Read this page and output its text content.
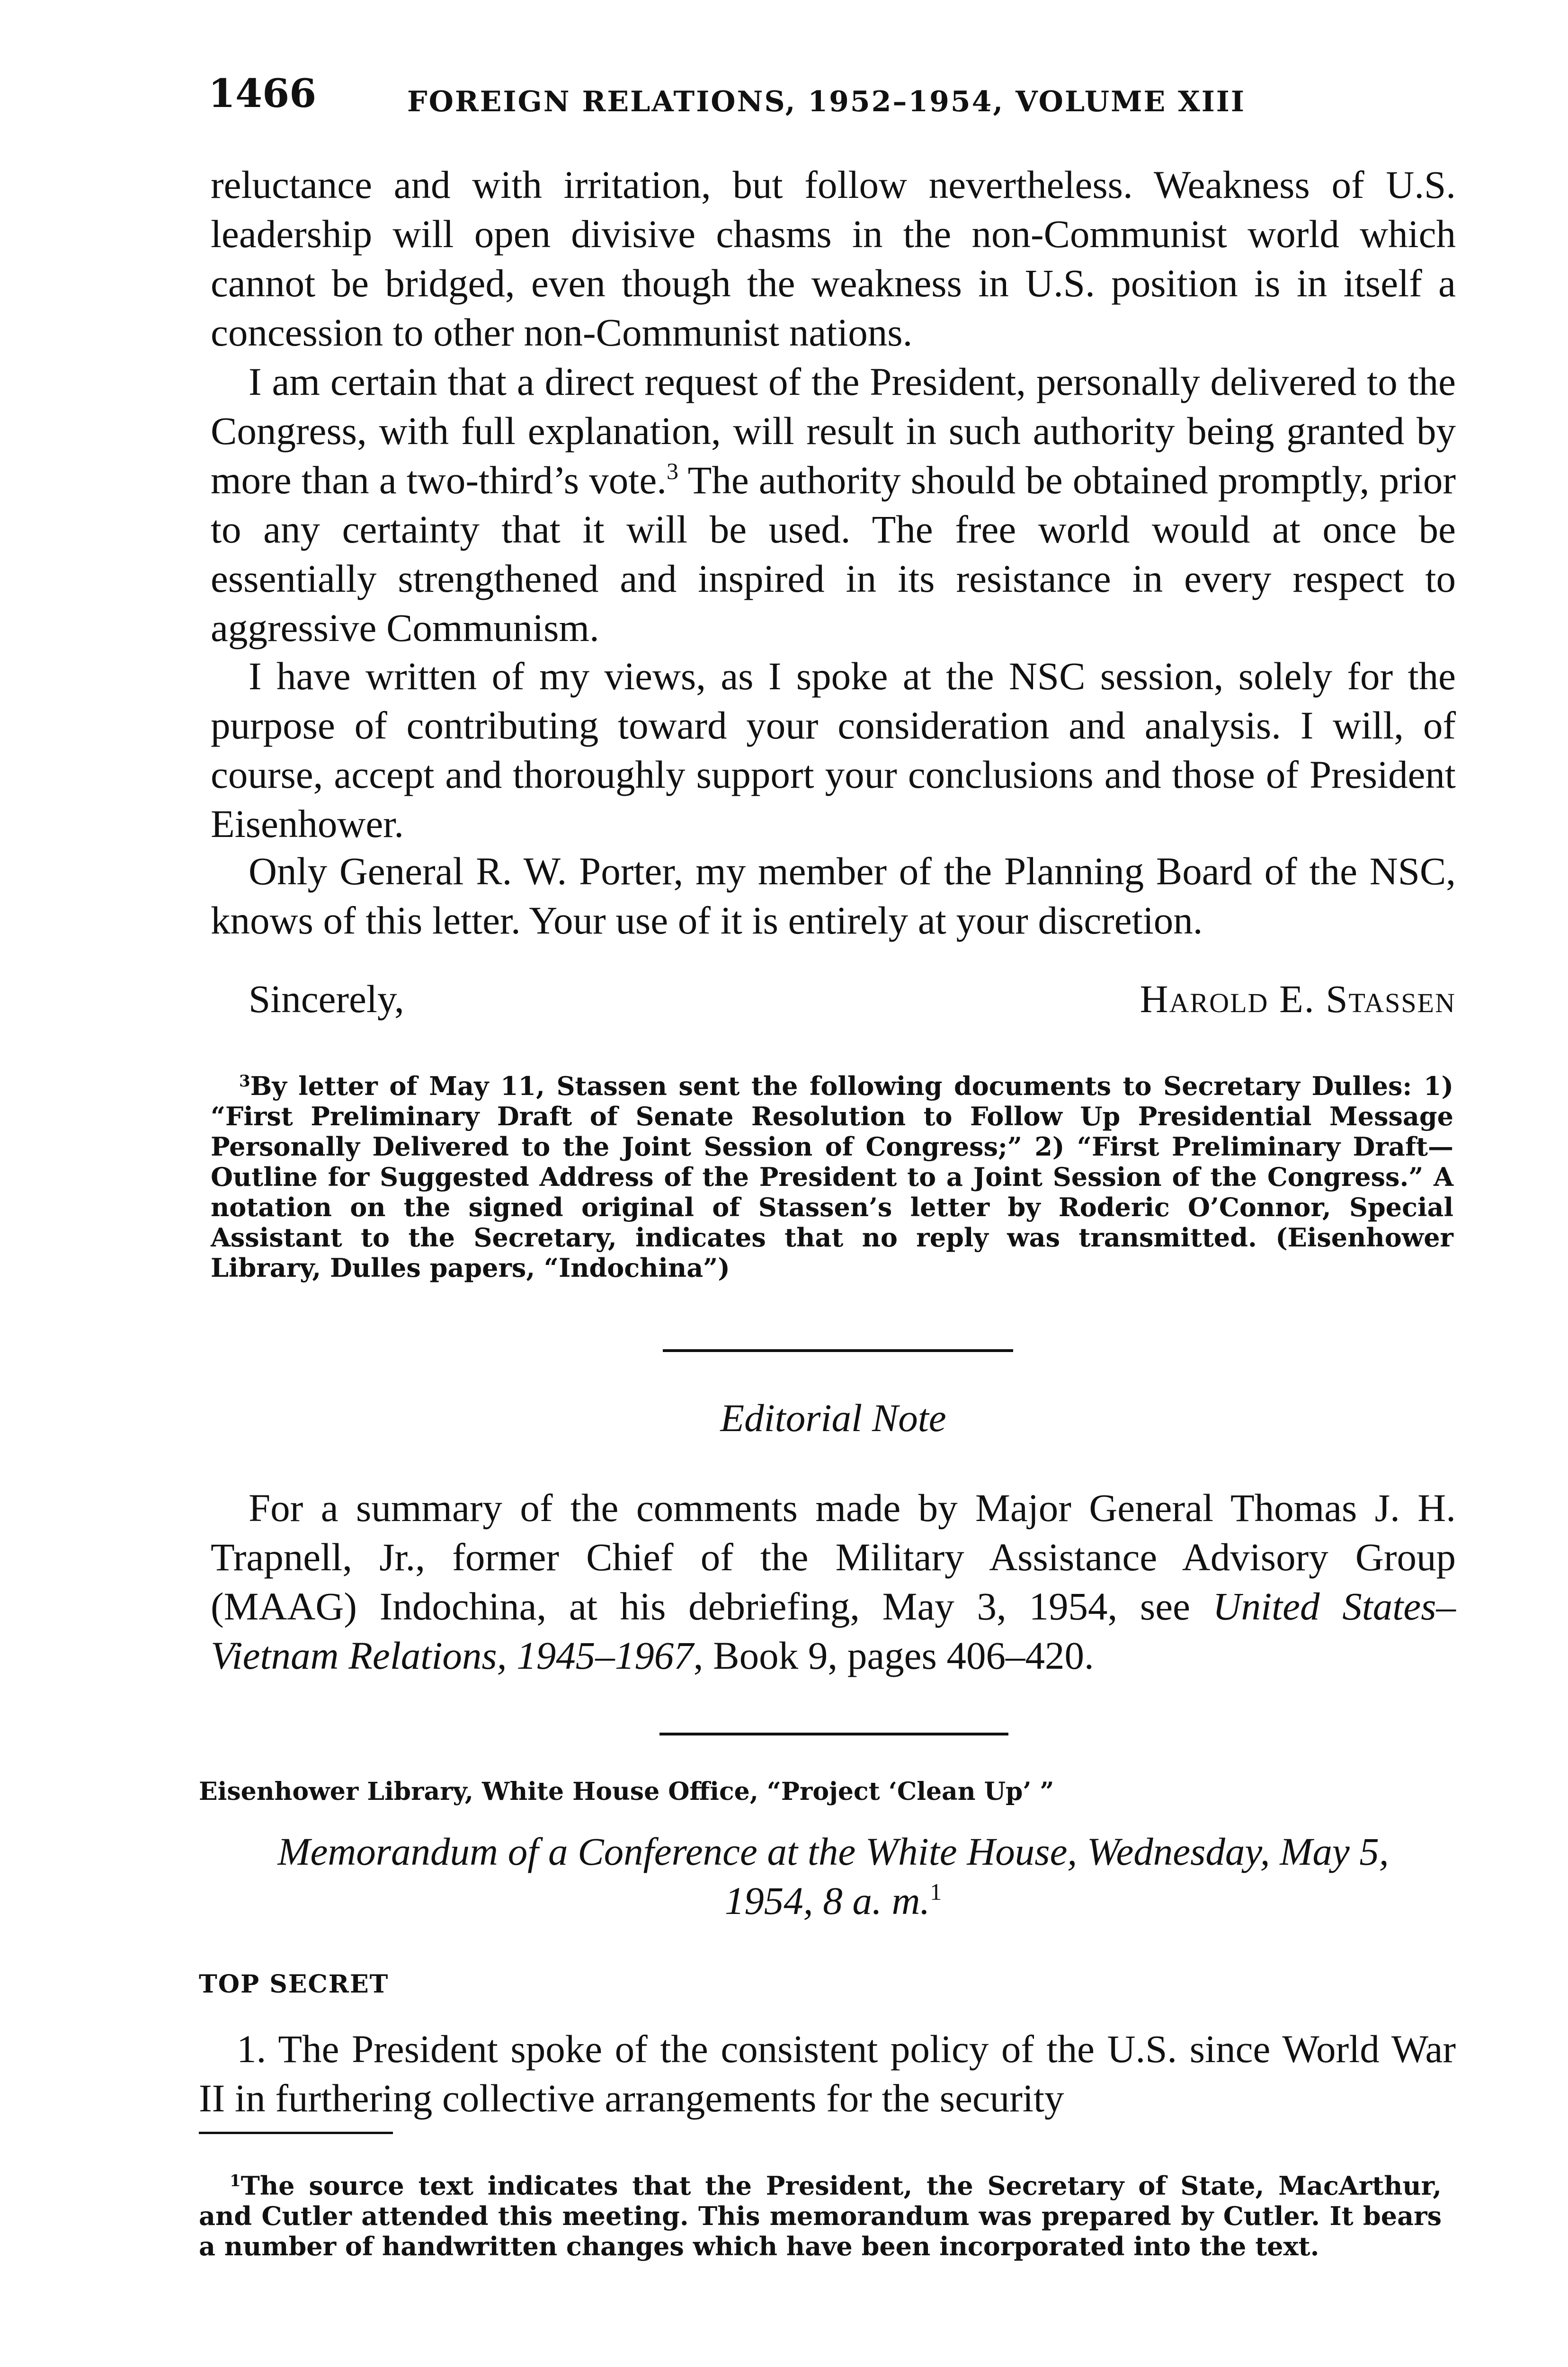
1466	FOREIGN RELATIONS, 1952–1954, VOLUME XIII

reluctance and with irritation, but follow nevertheless. Weakness of U.S. leadership will open divisive chasms in the non-Communist world which cannot be bridged, even though the weakness in U.S. position is in itself a concession to other non-Communist nations.

I am certain that a direct request of the President, personally delivered to the Congress, with full explanation, will result in such authority being granted by more than a two-third’s vote.$^3$ The authority should be obtained promptly, prior to any certainty that it will be used. The free world would at once be essentially strengthened and inspired in its resistance in every respect to aggressive Communism.

I have written of my views, as I spoke at the NSC session, solely for the purpose of contributing toward your consideration and analysis. I will, of course, accept and thoroughly support your conclusions and those of President Eisenhower.

Only General R. W. Porter, my member of the Planning Board of the NSC, knows of this letter. Your use of it is entirely at your discretion.

Sincerely,	Harold E. Stassen

$^3$By letter of May 11, Stassen sent the following documents to Secretary Dulles: 1) “First Preliminary Draft of Senate Resolution to Follow Up Presidential Message Personally Delivered to the Joint Session of Congress;” 2) “First Preliminary Draft—Outline for Suggested Address of the President to a Joint Session of the Congress.” A notation on the signed original of Stassen’s letter by Roderic O’Connor, Special Assistant to the Secretary, indicates that no reply was transmitted. (Eisenhower Library, Dulles papers, “Indochina”)

Editorial Note

For a summary of the comments made by Major General Thomas J. H. Trapnell, Jr., former Chief of the Military Assistance Advisory Group (MAAG) Indochina, at his debriefing, May 3, 1954, see United States–Vietnam Relations, 1945–1967, Book 9, pages 406–420.

Eisenhower Library, White House Office, “Project ‘Clean Up’ ”

Memorandum of a Conference at the White House, Wednesday, May 5, 1954, 8 a. m.$^1$

TOP SECRET

1. The President spoke of the consistent policy of the U.S. since World War II in furthering collective arrangements for the security

$^1$The source text indicates that the President, the Secretary of State, MacArthur, and Cutler attended this meeting. This memorandum was prepared by Cutler. It bears a number of handwritten changes which have been incorporated into the text.
